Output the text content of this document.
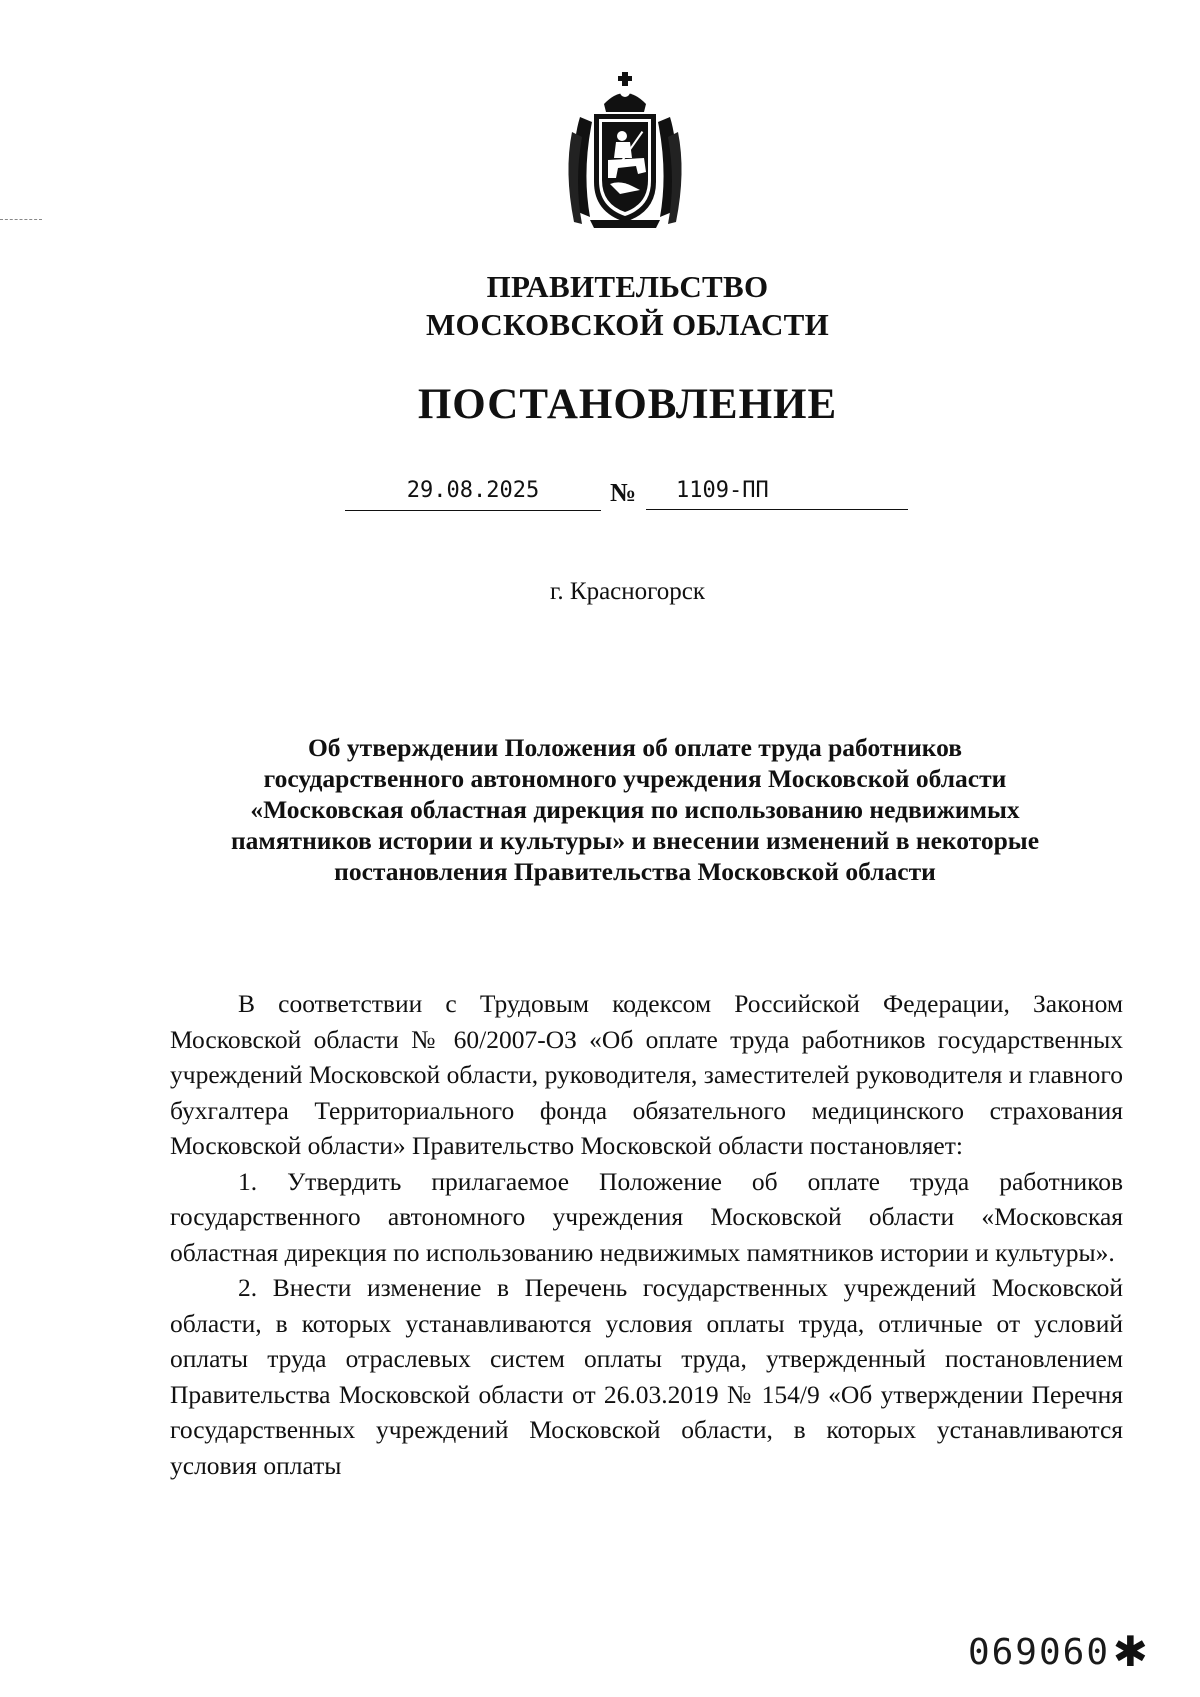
ПРАВИТЕЛЬСТВО
МОСКОВСКОЙ ОБЛАСТИ
ПОСТАНОВЛЕНИЕ
29.08.2025	№	1109-ПП
г. Красногорск
Об утверждении Положения об оплате труда работников
государственного автономного учреждения Московской области
«Московская областная дирекция по использованию недвижимых
памятников истории и культуры» и внесении изменений в некоторые
постановления Правительства Московской области

В соответствии с Трудовым кодексом Российской Федерации, Законом Московской области № 60/2007-ОЗ «Об оплате труда работников государственных учреждений Московской области, руководителя, заместителей руководителя и главного бухгалтера Территориального фонда обязательного медицинского страхования Московской области» Правительство Московской области постановляет:

1. Утвердить прилагаемое Положение об оплате труда работников государственного автономного учреждения Московской области «Московская областная дирекция по использованию недвижимых памятников истории и культуры».

2. Внести изменение в Перечень государственных учреждений Московской области, в которых устанавливаются условия оплаты труда, отличные от условий оплаты труда отраслевых систем оплаты труда, утвержденный постановлением Правительства Московской области от 26.03.2019 № 154/9 «Об утверждении Перечня государственных учреждений Московской области, в которых устанавливаются условия оплаты

069060 ✱
